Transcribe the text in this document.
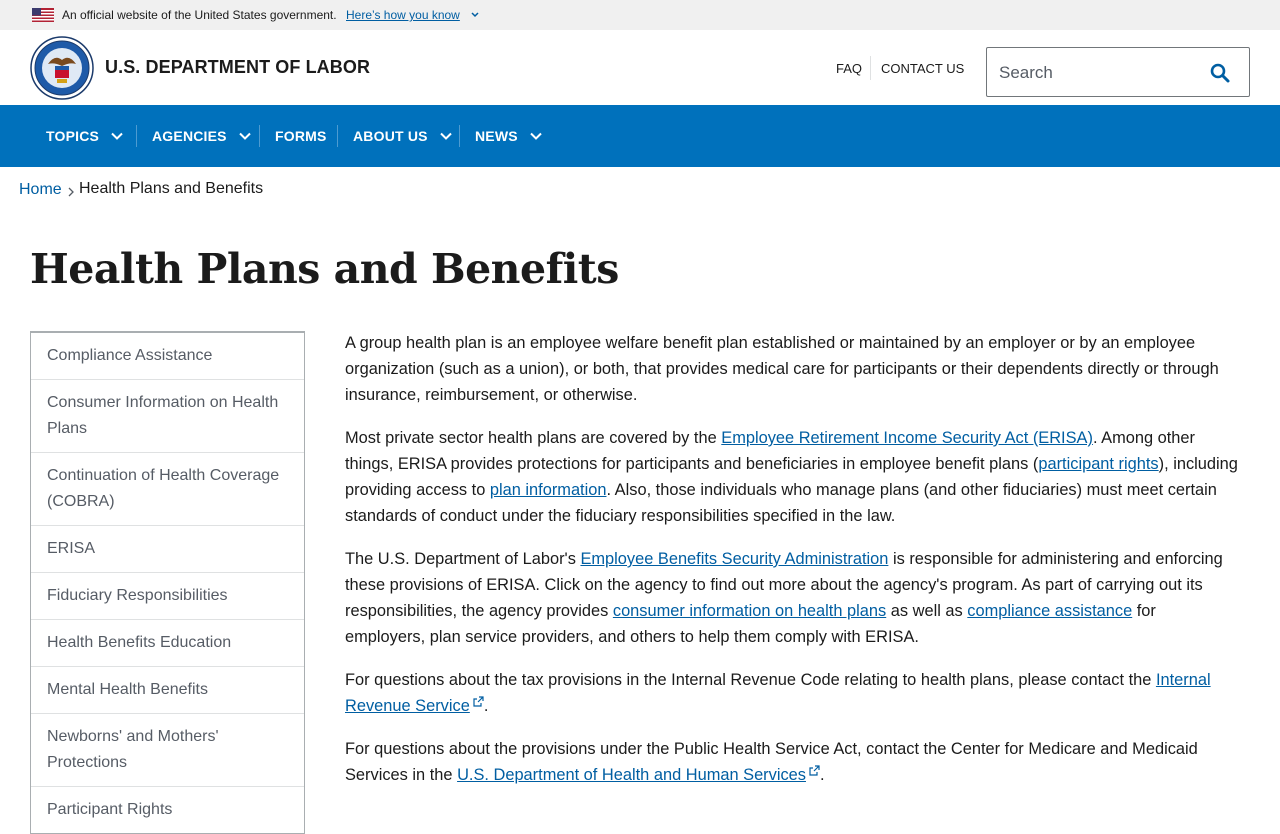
An official website of the United States government. Here’s how you know
U.S. DEPARTMENT OF LABOR	FAQ CONTACT US
Search
TOPICS	AGENCIES	FORMS ABOUT US	NEWS
Home Health Plans and Benefits
Health Plans and Benefits
Compliance Assistance
Consumer Information on Health Plans
Continuation of Health Coverage (COBRA)
ERISA
Fiduciary Responsibilities
Health Benefits Education
Mental Health Benefits
Newborns' and Mothers' Protections
Participant Rights

A group health plan is an employee welfare benefit plan established or maintained by an employer or by an employee organization (such as a union), or both, that provides medical care for participants or their dependents directly or through insurance, reimbursement, or otherwise.

Most private sector health plans are covered by the Employee Retirement Income Security Act (ERISA). Among other things, ERISA provides protections for participants and beneficiaries in employee benefit plans (participant rights), including providing access to plan information. Also, those individuals who manage plans (and other fiduciaries) must meet certain standards of conduct under the fiduciary responsibilities specified in the law.

The U.S. Department of Labor's Employee Benefits Security Administration is responsible for administering and enforcing these provisions of ERISA. Click on the agency to find out more about the agency's program. As part of carrying out its responsibilities, the agency provides consumer information on health plans as well as compliance assistance for employers, plan service providers, and others to help them comply with ERISA.

For questions about the tax provisions in the Internal Revenue Code relating to health plans, please contact the Internal Revenue Service .

For questions about the provisions under the Public Health Service Act, contact the Center for Medicare and Medicaid Services in the U.S. Department of Health and Human Services .
